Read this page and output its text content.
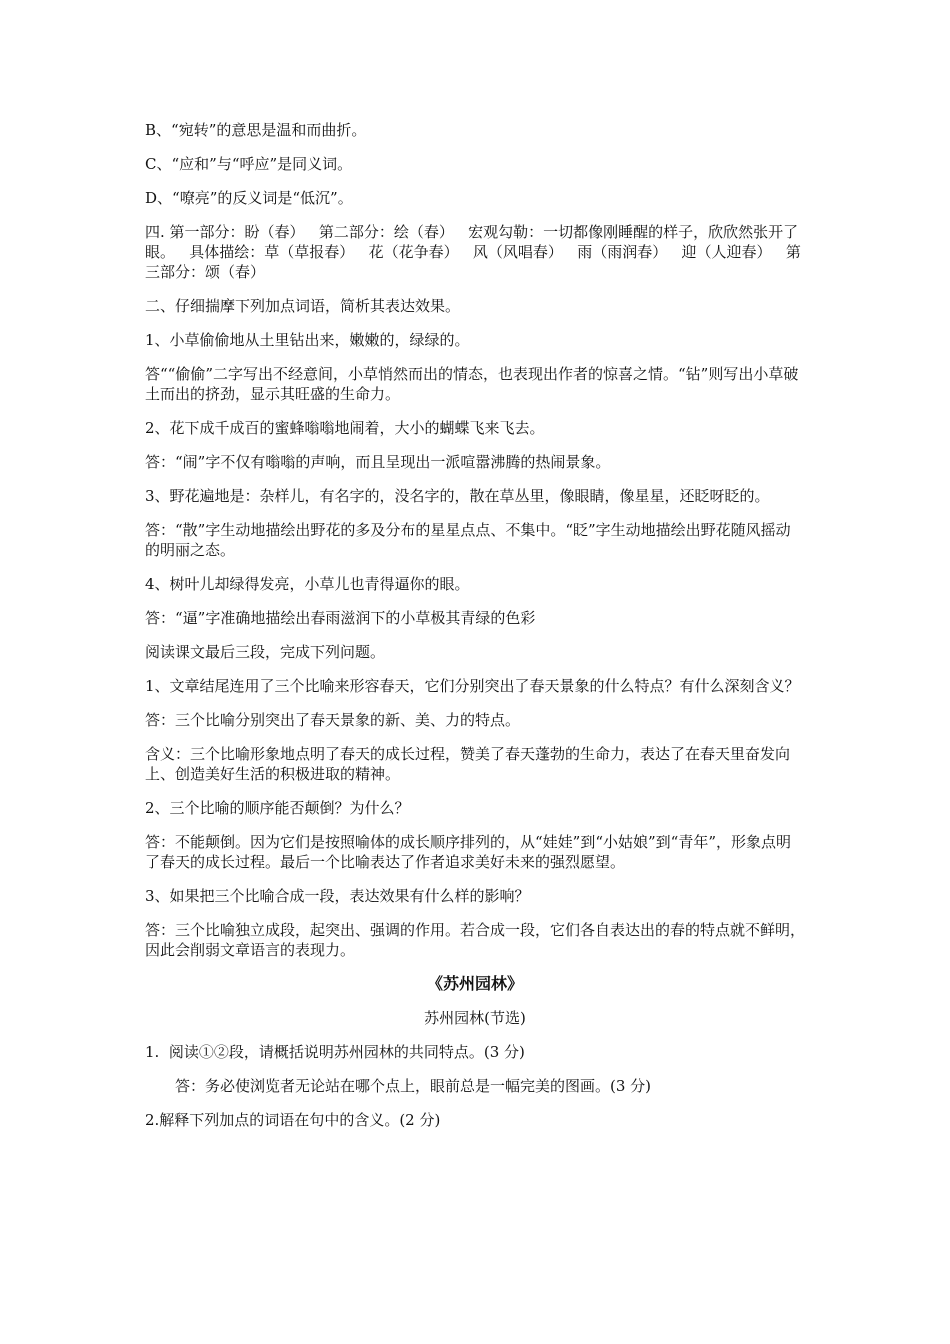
B、“宛转”的意思是温和而曲折。

C、“应和”与“呼应”是同义词。

D、“嘹亮”的反义词是“低沉”。

四. 第一部分：盼（春）   第二部分：绘（春）   宏观勾勒：一切都像刚睡醒的样子，欣欣然张开了眼。   具体描绘：草（草报春）   花（花争春）   风（风唱春）   雨（雨润春）   迎（人迎春）   第三部分：颂（春）

二、仔细揣摩下列加点词语，简析其表达效果。

1、小草偷偷地从土里钻出来，嫩嫩的，绿绿的。

答““偷偷”二字写出不经意间，小草悄然而出的情态，也表现出作者的惊喜之情。“钻”则写出小草破土而出的挤劲，显示其旺盛的生命力。

2、花下成千成百的蜜蜂嗡嗡地闹着，大小的蝴蝶飞来飞去。

答：“闹”字不仅有嗡嗡的声响，而且呈现出一派喧嚣沸腾的热闹景象。

3、野花遍地是：杂样儿，有名字的，没名字的，散在草丛里，像眼睛，像星星，还眨呀眨的。

答：“散”字生动地描绘出野花的多及分布的星星点点、不集中。“眨”字生动地描绘出野花随风摇动的明丽之态。

4、树叶儿却绿得发亮，小草儿也青得逼你的眼。

答：“逼”字准确地描绘出春雨滋润下的小草极其青绿的色彩

阅读课文最后三段，完成下列问题。

1、文章结尾连用了三个比喻来形容春天，它们分别突出了春天景象的什么特点？有什么深刻含义？

答：三个比喻分别突出了春天景象的新、美、力的特点。

含义：三个比喻形象地点明了春天的成长过程，赞美了春天蓬勃的生命力，表达了在春天里奋发向上、创造美好生活的积极进取的精神。

2、三个比喻的顺序能否颠倒？为什么？

答：不能颠倒。因为它们是按照喻体的成长顺序排列的，从“娃娃”到“小姑娘”到“青年”，形象点明了春天的成长过程。最后一个比喻表达了作者追求美好未来的强烈愿望。

3、如果把三个比喻合成一段，表达效果有什么样的影响？

答：三个比喻独立成段，起突出、强调的作用。若合成一段，它们各自表达出的春的特点就不鲜明，因此会削弱文章语言的表现力。

《苏州园林》

苏州园林(节选)

1.  阅读①②段，请概括说明苏州园林的共同特点。(3 分)

答：务必使浏览者无论站在哪个点上，眼前总是一幅完美的图画。(3 分)

2.解释下列加点的词语在句中的含义。(2 分)
